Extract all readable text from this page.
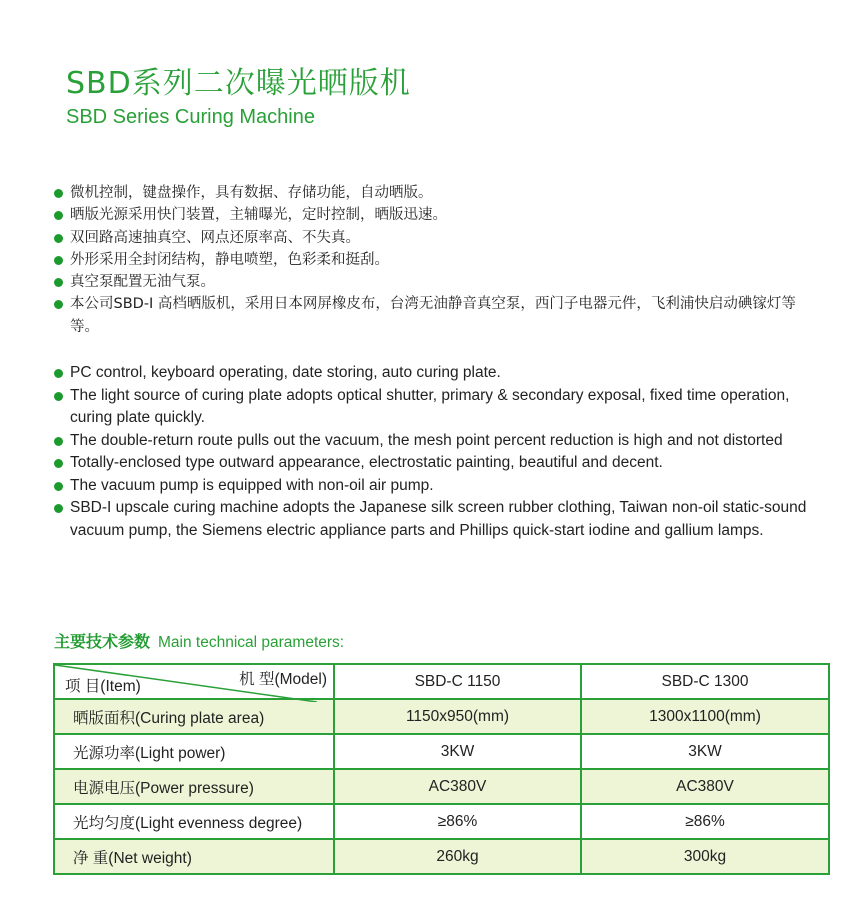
SBD系列二次曝光晒版机
SBD Series Curing Machine
微机控制，键盘操作，具有数据、存储功能，自动晒版。
晒版光源采用快门装置，主辅曝光，定时控制，晒版迅速。
双回路高速抽真空、网点还原率高、不失真。
外形采用全封闭结构，静电喷塑，色彩柔和挺刮。
真空泵配置无油气泵。
本公司SBD-I 高档晒版机，采用日本网屏橡皮布，台湾无油静音真空泵，西门子电器元件，飞利浦快启动碘镓灯等等。
PC control, keyboard operating, date storing, auto curing plate.
The light source of curing plate adopts optical shutter, primary & secondary exposal, fixed time operation, curing plate quickly.
The double-return route pulls out the vacuum, the mesh point percent reduction is high and not distorted
Totally-enclosed type outward appearance, electrostatic painting, beautiful and decent.
The vacuum pump is equipped with non-oil air pump.
SBD-I upscale curing machine adopts the Japanese silk screen rubber clothing, Taiwan non-oil static-sound vacuum pump, the Siemens electric appliance parts and Phillips quick-start iodine and gallium lamps.
主要技术参数 Main technical parameters:
机 型(Model)
项 目(Item)	SBD-C 1150	SBD-C 1300
晒版面积(Curing plate area)	1150x950(mm)	1300x1100(mm)
光源功率(Light power)	3KW	3KW
电源电压(Power pressure)	AC380V	AC380V
光均匀度(Light evenness degree)	≥86%	≥86%
净 重(Net weight)	260kg	300kg
